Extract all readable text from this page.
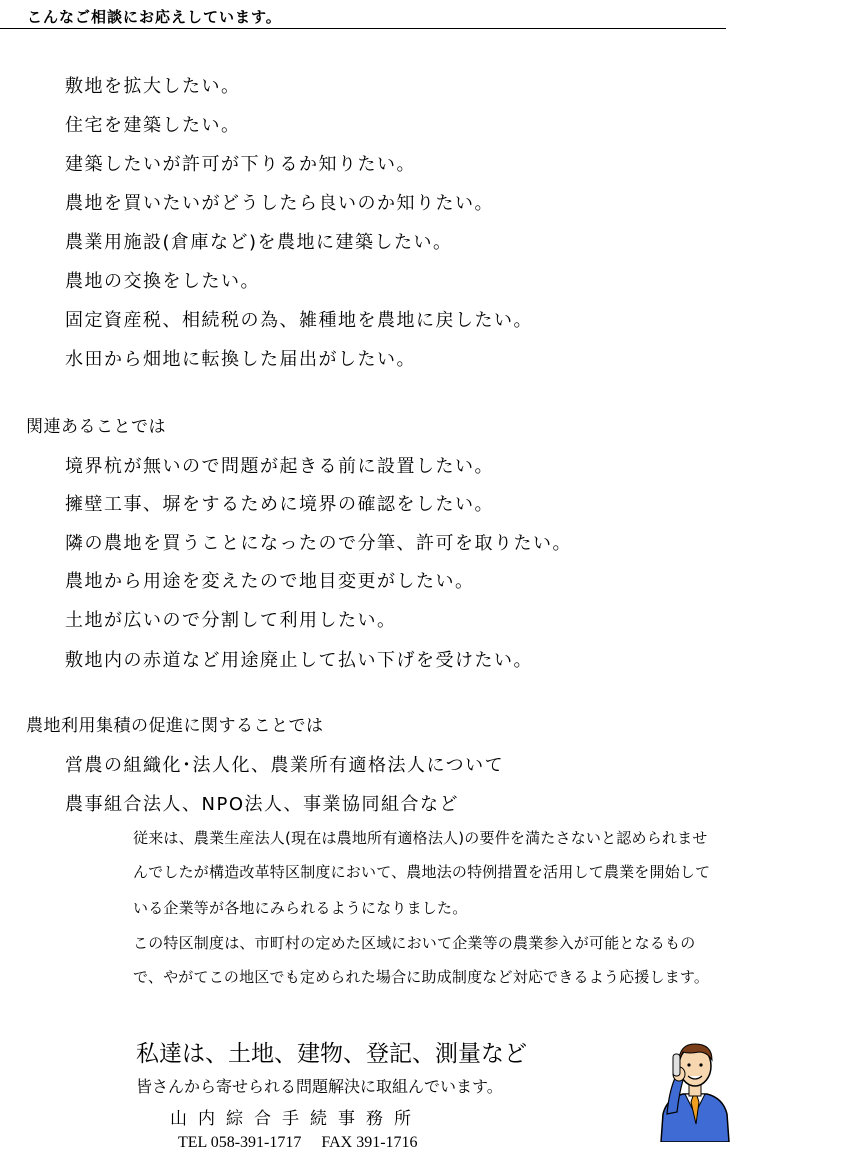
こんなご相談にお応えしています。
敷地を拡大したい。
住宅を建築したい。
建築したいが許可が下りるか知りたい。
農地を買いたいがどうしたら良いのか知りたい。
農業用施設(倉庫など)を農地に建築したい。
農地の交換をしたい。
固定資産税、相続税の為、雑種地を農地に戻したい。
水田から畑地に転換した届出がしたい。
関連あることでは
境界杭が無いので問題が起きる前に設置したい。
擁壁工事、塀をするために境界の確認をしたい。
隣の農地を買うことになったので分筆、許可を取りたい。
農地から用途を変えたので地目変更がしたい。
土地が広いので分割して利用したい。
敷地内の赤道など用途廃止して払い下げを受けたい。
農地利用集積の促進に関することでは
営農の組織化･法人化、農業所有適格法人について
農事組合法人、NPO法人、事業協同組合など
従来は、農業生産法人(現在は農地所有適格法人)の要件を満たさないと認められませ
んでしたが構造改革特区制度において、農地法の特例措置を活用して農業を開始して
いる企業等が各地にみられるようになりました。
この特区制度は、市町村の定めた区域において企業等の農業参入が可能となるもの
で、やがてこの地区でも定められた場合に助成制度など対応できるよう応援します。
私達は、土地、建物、登記、測量など
皆さんから寄せられる問題解決に取組んでいます。
山内綜合手続事務所
TEL 058-391-1717 FAX 391-1716
